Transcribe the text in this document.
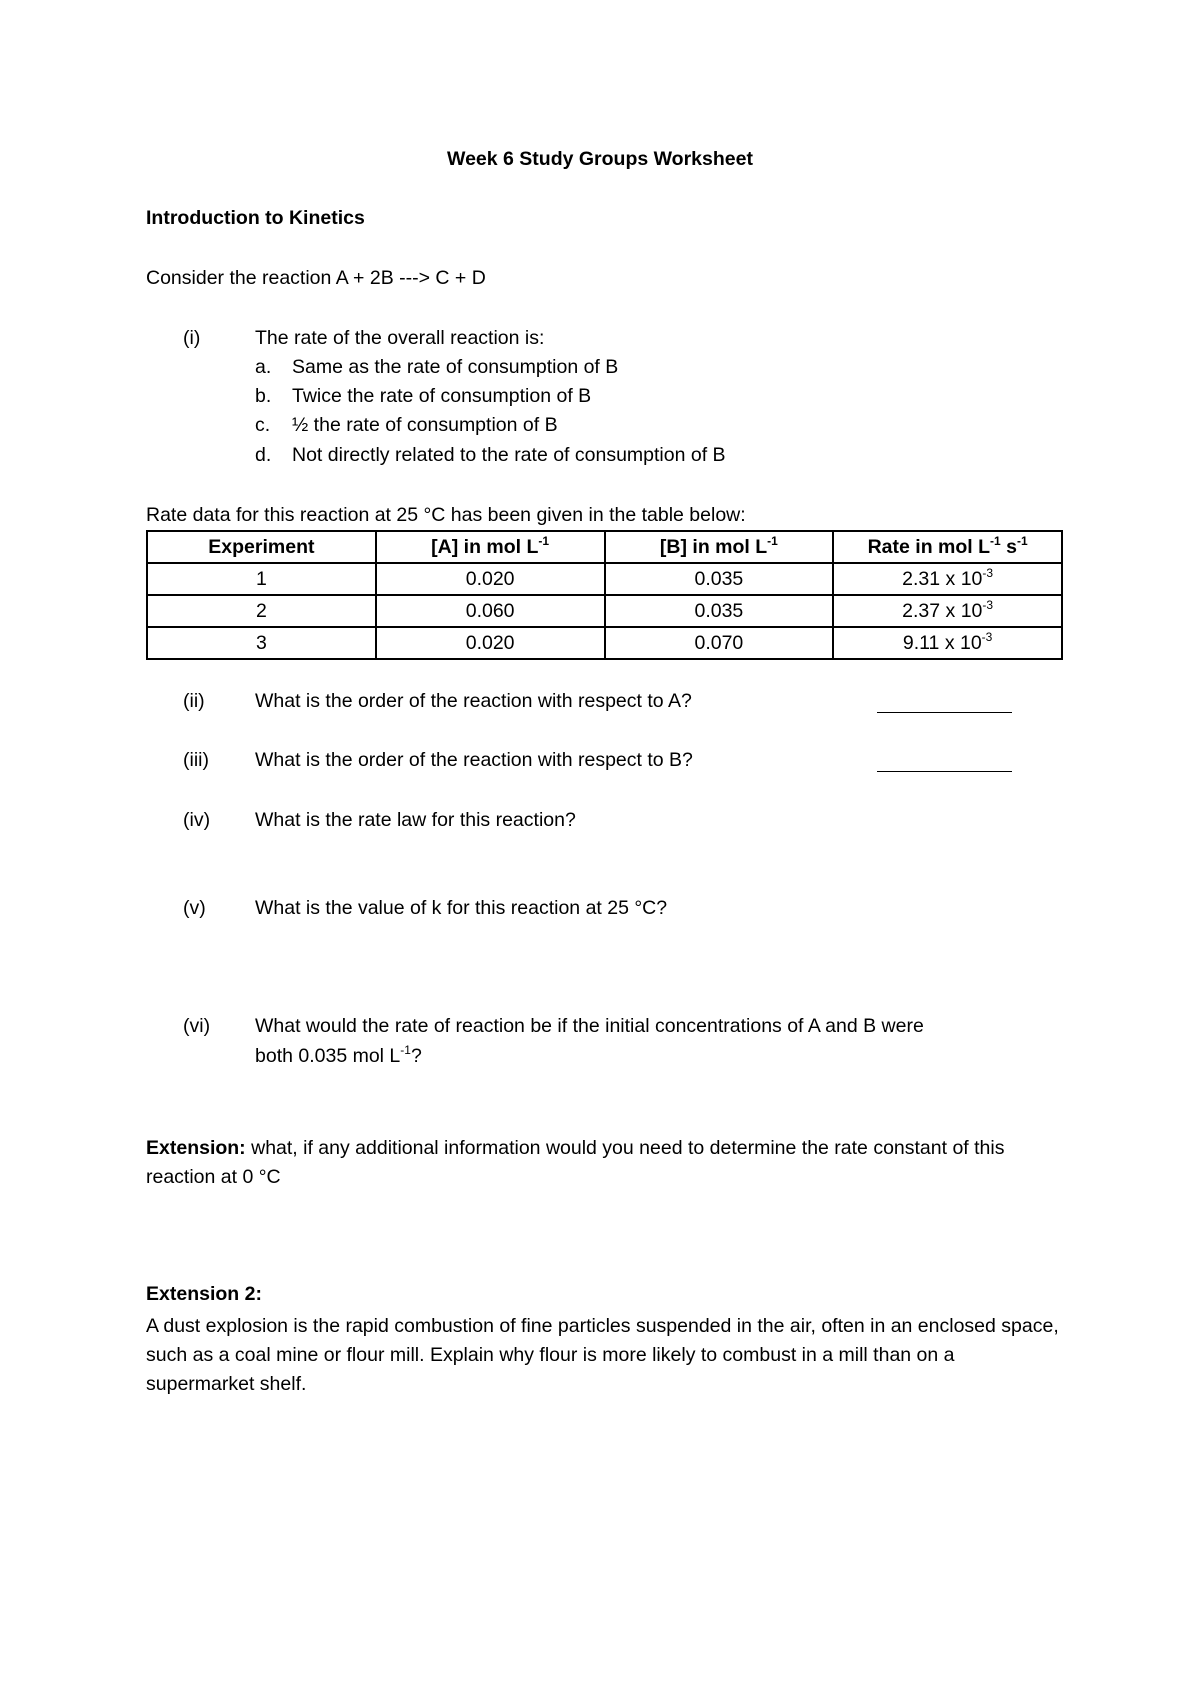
Week 6 Study Groups Worksheet
Introduction to Kinetics
Consider the reaction A + 2B ---> C + D
(i)	The rate of the overall reaction is:
a. Same as the rate of consumption of B
b. Twice the rate of consumption of B
c. ½ the rate of consumption of B
d. Not directly related to the rate of consumption of B
Rate data for this reaction at 25 °C has been given in the table below:
Experiment	[A] in mol $L^{-1}$	[B] in mol $L^{-1}$	Rate in mol $L^{-1}$ $s^{-1}$
1	0.020	0.035	2.31 x $10^{-3}$
2	0.060	0.035	2.37 x $10^{-3}$
3	0.020	0.070	9.11 x $10^{-3}$
(ii)	What is the order of the reaction with respect to A?
(iii) What is the order of the reaction with respect to B?
(iv) What is the rate law for this reaction?
(v)	What is the value of k for this reaction at 25 °C?
(vi) What would the rate of reaction be if the initial concentrations of A and B were
both 0.035 mol $L^{-1}$?
Extension: what, if any additional information would you need to determine the rate constant of this reaction at 0 °C
Extension 2:
A dust explosion is the rapid combustion of fine particles suspended in the air, often in an enclosed space, such as a coal mine or flour mill. Explain why flour is more likely to combust in a mill than on a supermarket shelf.
